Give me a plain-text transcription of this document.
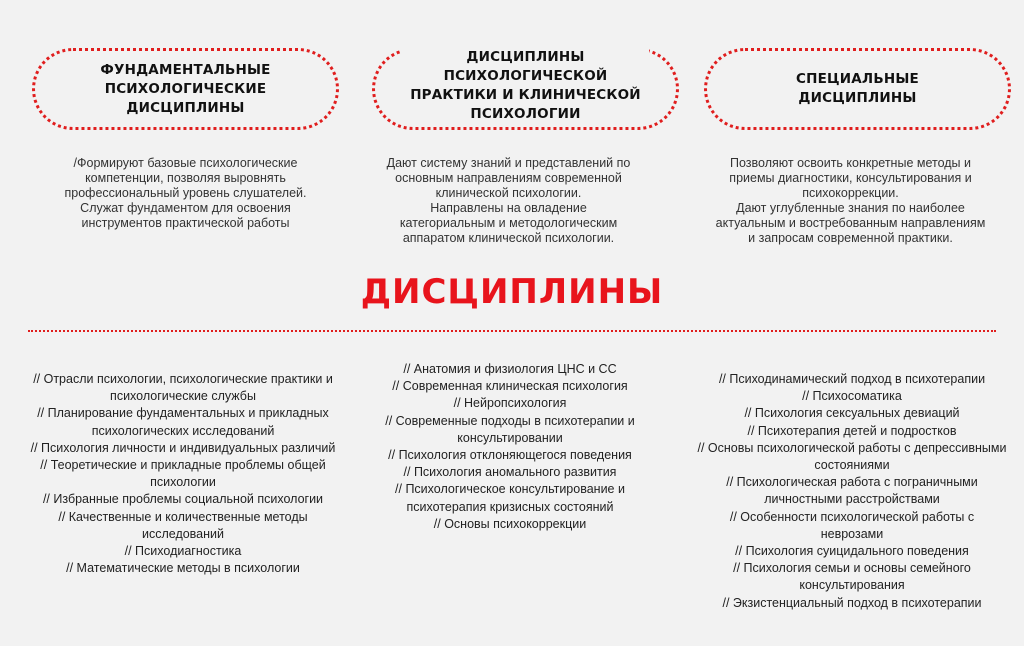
ФУНДАМЕНТАЛЬНЫЕ
ПСИХОЛОГИЧЕСКИЕ
ДИСЦИПЛИНЫ
ДИСЦИПЛИНЫ
ПСИХОЛОГИЧЕСКОЙ
ПРАКТИКИ И КЛИНИЧЕСКОЙ
ПСИХОЛОГИИ
СПЕЦИАЛЬНЫЕ
ДИСЦИПЛИНЫ
/Формируют базовые психологические
компетенции, позволяя выровнять
профессиональный уровень слушателей.
Служат фундаментом для освоения
инструментов практической работы
Дают систему знаний и представлений по
основным направлениям современной
клинической психологии.
Направлены на овладение
категориальным и методологическим
аппаратом клинической психологии.
Позволяют освоить конкретные методы и
приемы диагностики, консультирования и
психокоррекции.
Дают углубленные знания по наиболее
актуальным и востребованным направлениям
и запросам современной практики.
ДИСЦИПЛИНЫ
// Отрасли психологии, психологические практики и психологические службы
// Планирование фундаментальных и прикладных психологических исследований
// Психология личности и индивидуальных различий
// Теоретические и прикладные проблемы общей психологии
// Избранные проблемы социальной психологии
// Качественные и количественные методы исследований
// Психодиагностика
// Математические методы в психологии
// Анатомия и физиология ЦНС и СС
// Современная клиническая психология
// Нейропсихология
// Современные подходы в психотерапии и консультировании
// Психология отклоняющегося поведения
// Психология аномального развития
// Психологическое консультирование и психотерапия кризисных состояний
// Основы психокоррекции
// Психодинамический подход в психотерапии
// Психосоматика
// Психология сексуальных девиаций
// Психотерапия детей и подростков
// Основы психологической работы с депрессивными состояниями
// Психологическая работа с пограничными личностными расстройствами
// Особенности психологической работы с неврозами
// Психология суицидального поведения
// Психология семьи и основы семейного консультирования
// Экзистенциальный подход в психотерапии
